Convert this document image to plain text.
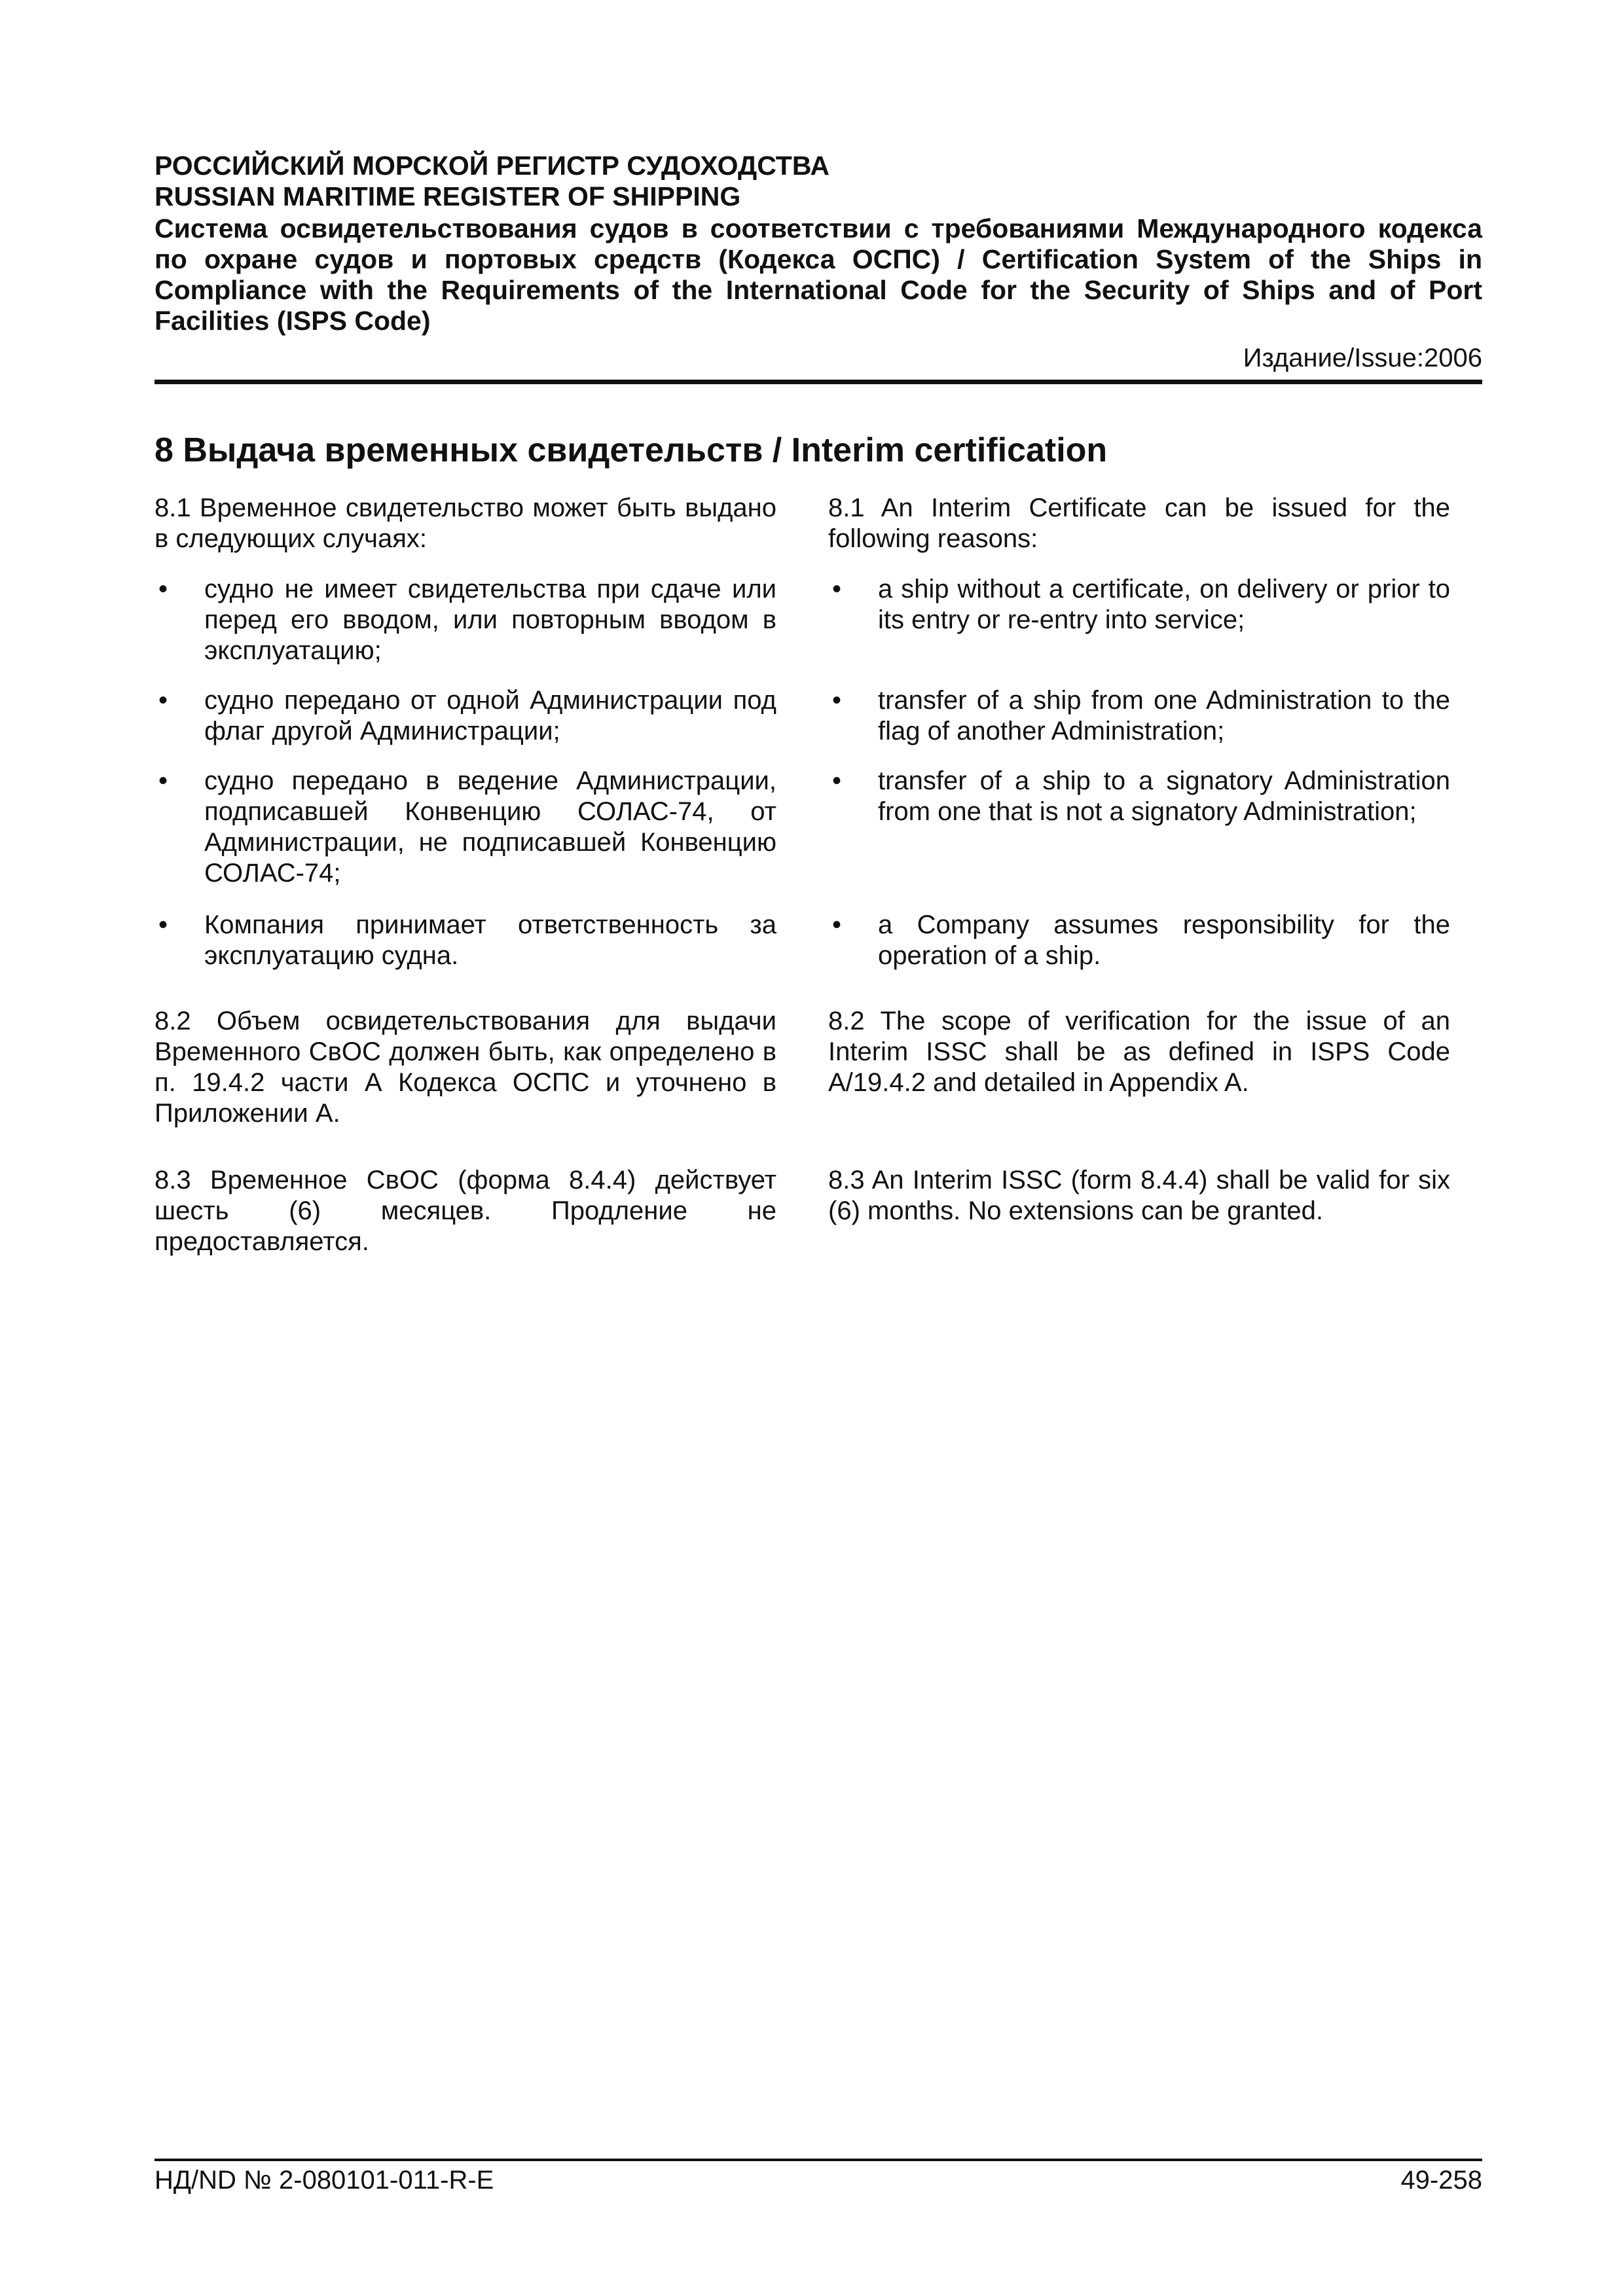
РОССИЙСКИЙ МОРСКОЙ РЕГИСТР СУДОХОДСТВА
RUSSIAN MARITIME REGISTER OF SHIPPING
Система освидетельствования судов в соответствии с требованиями Международного кодекса по охране судов и портовых средств (Кодекса ОСПС) / Certification System of the Ships in Compliance with the Requirements of the International Code for the Security of Ships and of Port Facilities (ISPS Code)
Издание/Issue:2006
8 Выдача временных свидетельств / Interim certification
8.1 Временное свидетельство может быть выдано в следующих случаях:
• судно не имеет свидетельства при сдаче или перед его вводом, или повторным вводом в эксплуатацию;
• судно передано от одной Администрации под флаг другой Администрации;
• судно передано в ведение Администрации, подписавшей Конвенцию СОЛАС-74, от Администрации, не подписавшей Конвенцию СОЛАС-74;
• Компания принимает ответственность за эксплуатацию судна.
8.2 Объем освидетельствования для выдачи Временного СвОС должен быть, как определено в п. 19.4.2 части А Кодекса ОСПС и уточнено в Приложении А.
8.3 Временное СвОС (форма 8.4.4) действует шесть (6) месяцев. Продление не предоставляется.
8.1 An Interim Certificate can be issued for the following reasons:
• a ship without a certificate, on delivery or prior to its entry or re-entry into service;
• transfer of a ship from one Administration to the flag of another Administration;
• transfer of a ship to a signatory Administration from one that is not a signatory Administration;
• a Company assumes responsibility for the operation of a ship.
8.2 The scope of verification for the issue of an Interim ISSC shall be as defined in ISPS Code A/19.4.2 and detailed in Appendix A.
8.3 An Interim ISSC (form 8.4.4) shall be valid for six (6) months. No extensions can be granted.
НД/ND № 2-080101-011-R-E	49-258
